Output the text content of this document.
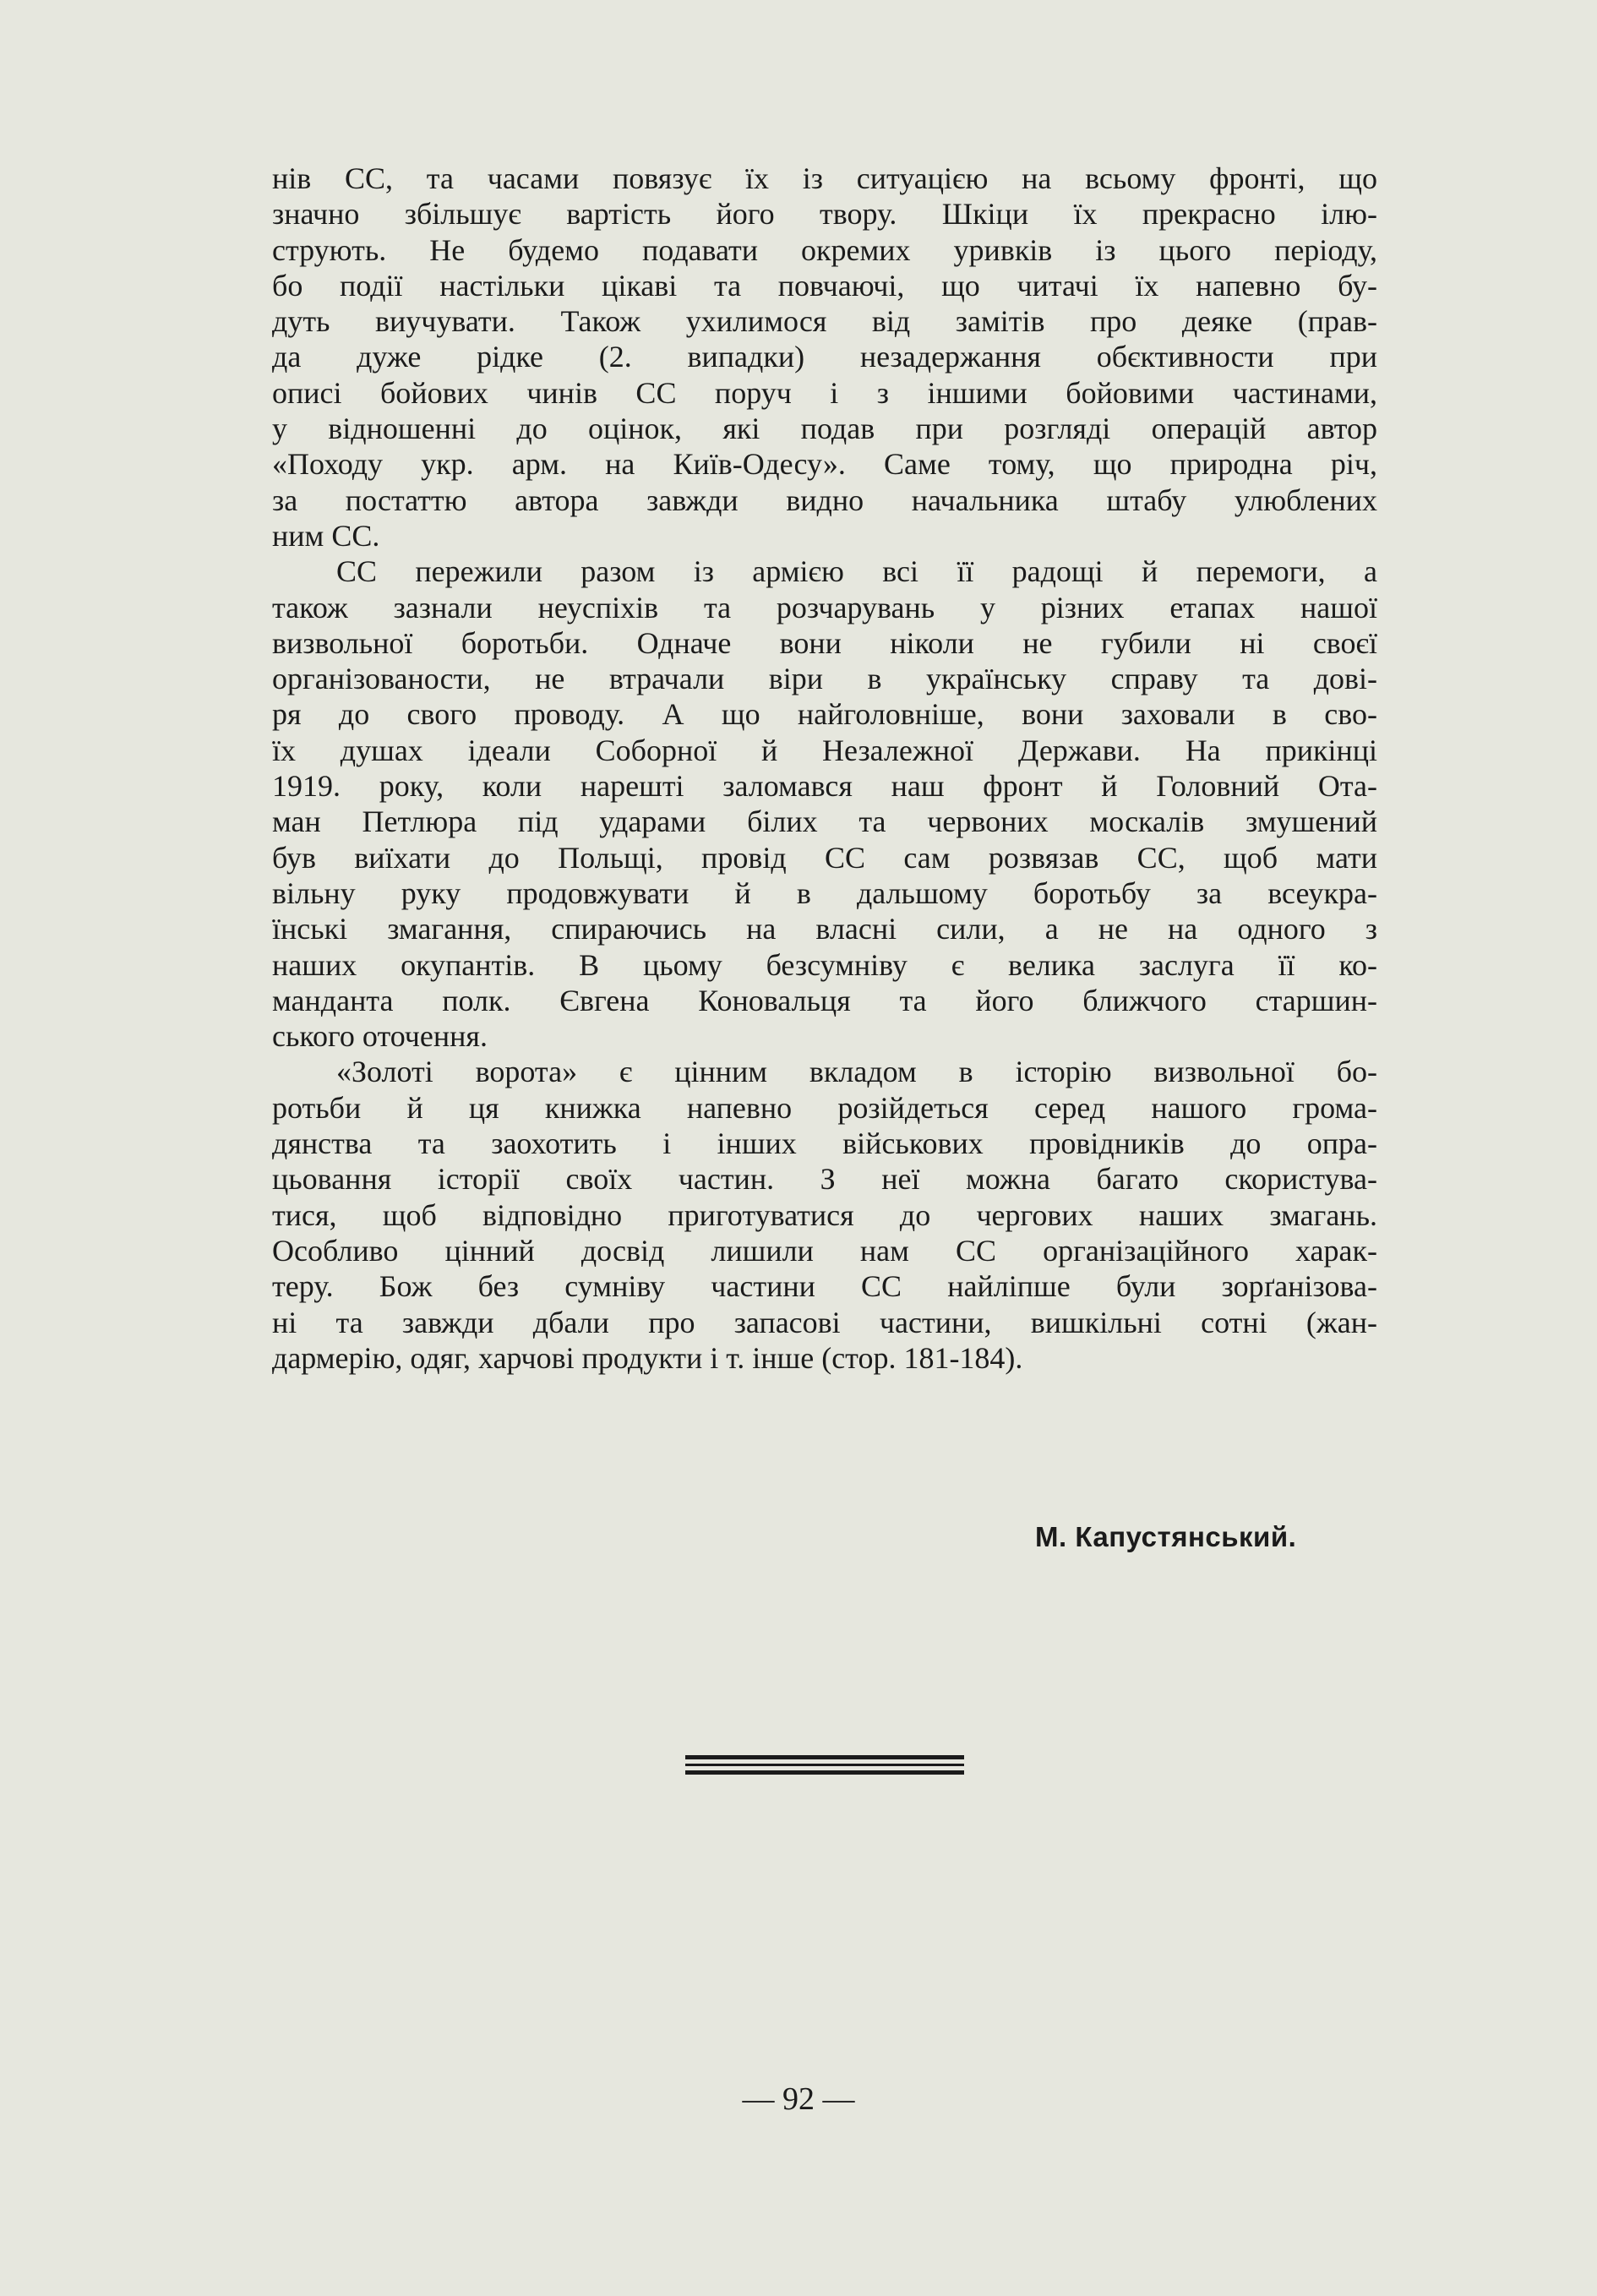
нів СС, та часами повязує їх із ситуацією на всьому фронті, що
значно збільшує вартість його твору. Шкіци їх прекрасно ілю-
струють. Не будемо подавати окремих уривків із цього періоду,
бо події настільки цікаві та повчаючі, що читачі їх напевно бу-
дуть виучувати. Також ухилимося від замітів про деяке (прав-
да дуже рідке (2. випадки) незадержання обєктивности при
описі бойових чинів СС поруч і з іншими бойовими частинами,
у відношенні до оцінок, які подав при розгляді операцій автор
«Походу укр. арм. на Київ-Одесу». Саме тому, що природна річ,
за постаттю автора завжди видно начальника штабу улюблених
ним СС.
СС пережили разом із армією всі її радощі й перемоги, а
також зазнали неуспіхів та розчарувань у різних етапах нашої
визвольної боротьби. Одначе вони ніколи не губили ні своєї
організованости, не втрачали віри в українську справу та дові-
ря до свого проводу. А що найголовніше, вони заховали в сво-
їх душах ідеали Соборної й Незалежної Держави. На прикінці
1919. року, коли нарешті заломався наш фронт й Головний Ота-
ман Петлюра під ударами білих та червоних москалів змушений
був виїхати до Польщі, провід СС сам розвязав СС, щоб мати
вільну руку продовжувати й в дальшому боротьбу за всеукра-
їнські змагання, спираючись на власні сили, а не на одного з
наших окупантів. В цьому безсумніву є велика заслуга її ко-
манданта полк. Євгена Коновальця та його ближчого старшин-
ського оточення.
«Золоті ворота» є цінним вкладом в історію визвольної бо-
ротьби й ця книжка напевно розійдеться серед нашого грома-
дянства та заохотить і інших військових провідників до опра-
цьовання історії своїх частин. З неї можна багато скористува-
тися, щоб відповідно приготуватися до чергових наших змагань.
Особливо цінний досвід лишили нам СС організаційного харак-
теру. Бож без сумніву частини СС найліпше були зорґанізова-
ні та завжди дбали про запасові частини, вишкільні сотні (жан-
дармерію, одяг, харчові продукти і т. інше (стор. 181-184).
М. Капустянський.
— 92 —
